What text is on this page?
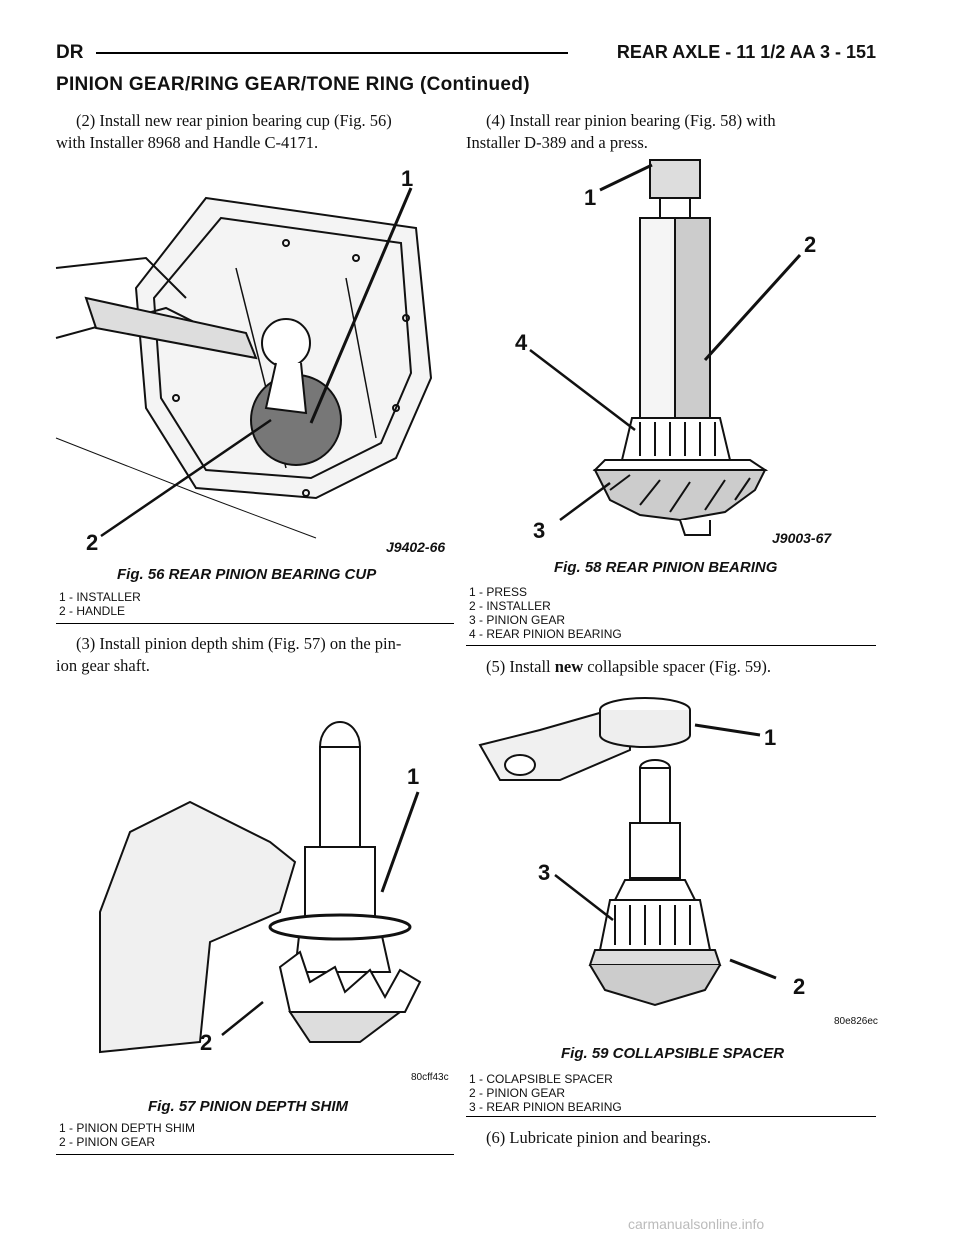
DR	REAR AXLE - 11 1/2 AA 3 - 151
PINION GEAR/RING GEAR/TONE RING (Continued)
(2) Install new rear pinion bearing cup (Fig. 56)
with Installer 8968 and Handle C-4171.
1
2	J9402-66
Fig. 56 REAR PINION BEARING CUP
1 - INSTALLER
2 - HANDLE
(3) Install pinion depth shim (Fig. 57) on the pin-
ion gear shaft.
1
2
80cff43c
Fig. 57 PINION DEPTH SHIM
1 - PINION DEPTH SHIM
2 - PINION GEAR
(4) Install rear pinion bearing (Fig. 58) with
Installer D-389 and a press.
1
2
3
4
J9003-67
Fig. 58 REAR PINION BEARING
1 - PRESS
2 - INSTALLER
3 - PINION GEAR
4 - REAR PINION BEARING
(5) Install new collapsible spacer (Fig. 59).
1
2
3
80e826ec
Fig. 59 COLLAPSIBLE SPACER
1 - COLAPSIBLE SPACER
2 - PINION GEAR
3 - REAR PINION BEARING
(6) Lubricate pinion and bearings.
carmanualsonline.info
